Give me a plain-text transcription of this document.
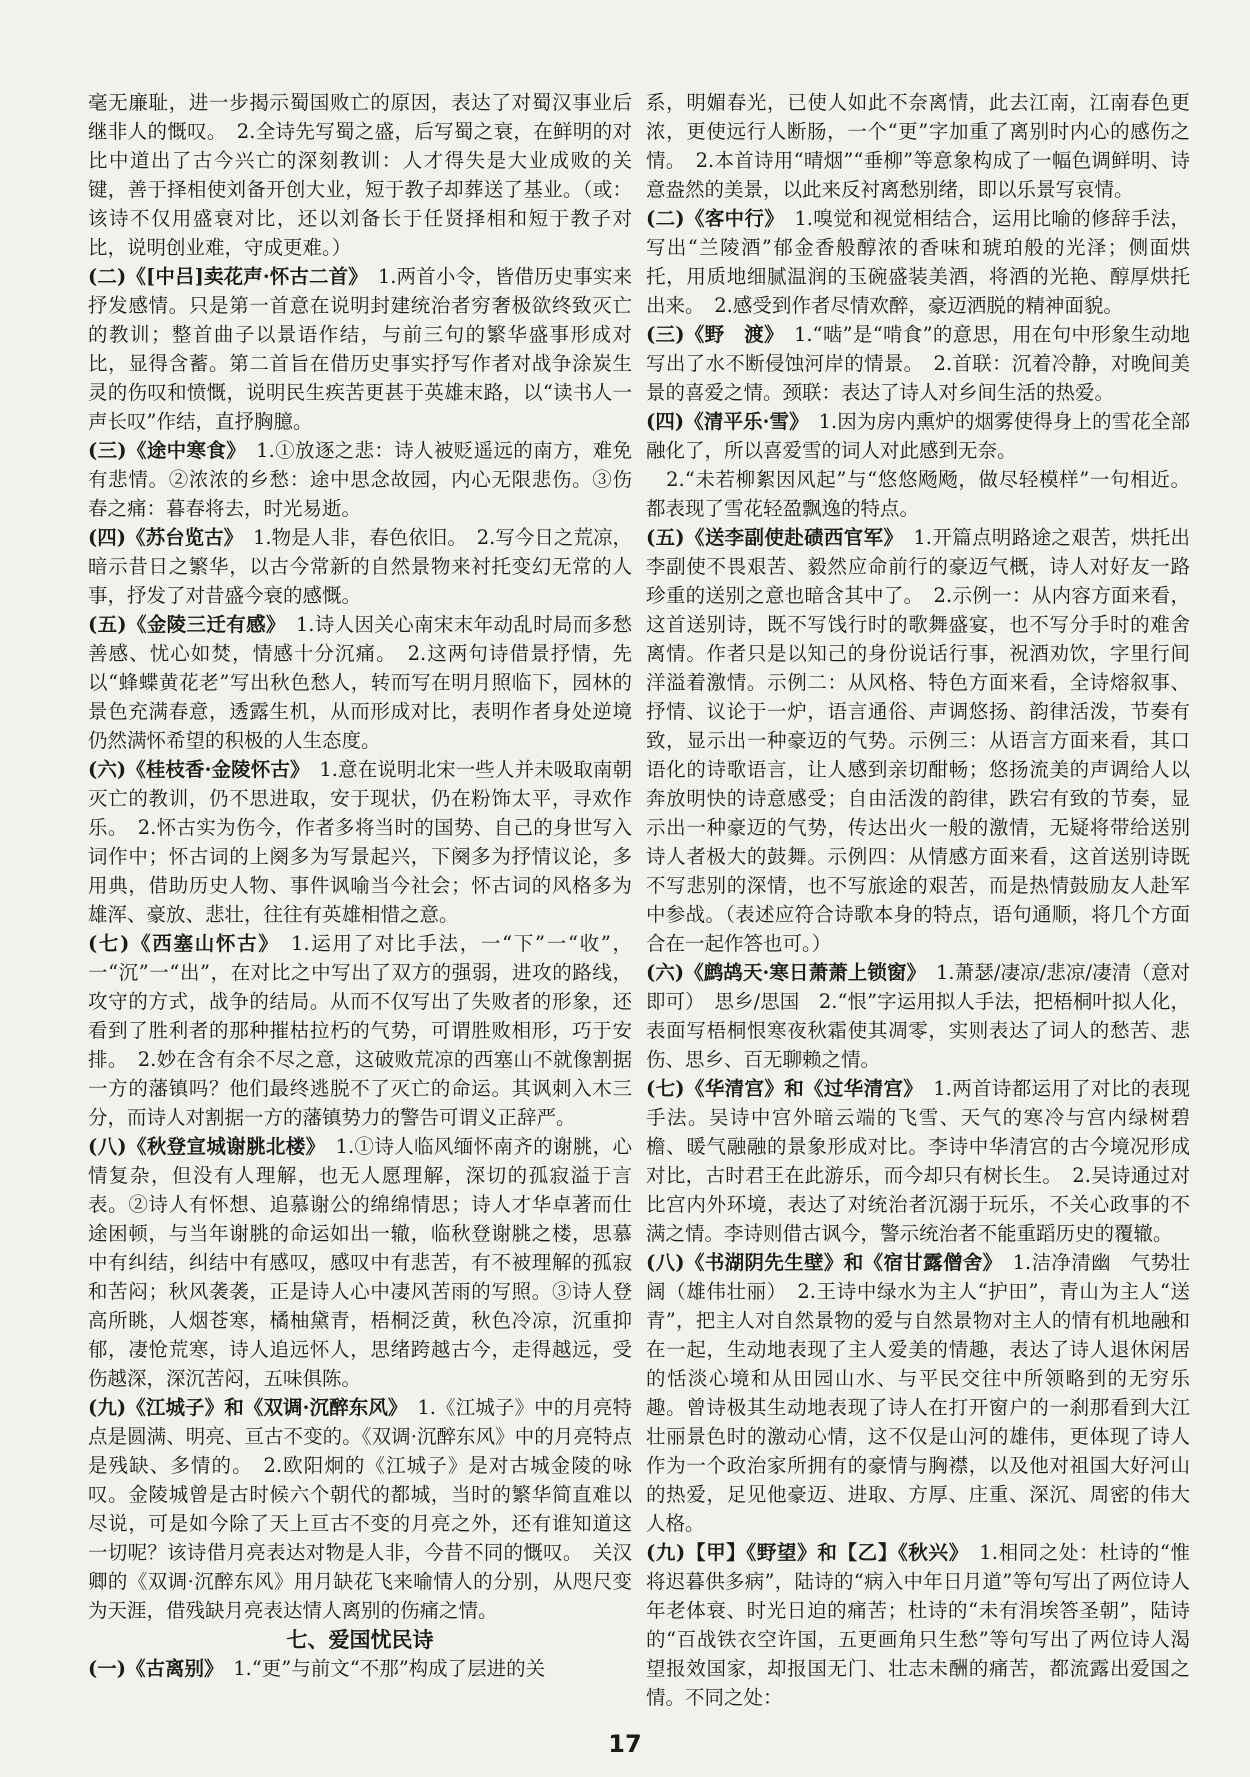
毫无廉耻，进一步揭示蜀国败亡的原因，表达了对蜀汉事业后继非人的慨叹。　2.全诗先写蜀之盛，后写蜀之衰，在鲜明的对比中道出了古今兴亡的深刻教训：人才得失是大业成败的关键，善于择相使刘备开创大业，短于教子却葬送了基业。（或：该诗不仅用盛衰对比，还以刘备长于任贤择相和短于教子对比，说明创业难，守成更难。）
(二)《[中吕]卖花声·怀古二首》　1.两首小令，皆借历史事实来抒发感情。只是第一首意在说明封建统治者穷奢极欲终致灭亡的教训；整首曲子以景语作结，与前三句的繁华盛事形成对比，显得含蓄。第二首旨在借历史事实抒写作者对战争涂炭生灵的伤叹和愤慨，说明民生疾苦更甚于英雄末路，以“读书人一声长叹”作结，直抒胸臆。
(三)《途中寒食》　1.①放逐之悲：诗人被贬遥远的南方，难免有悲情。②浓浓的乡愁：途中思念故园，内心无限悲伤。③伤春之痛：暮春将去，时光易逝。
(四)《苏台览古》　1.物是人非，春色依旧。　2.写今日之荒凉，暗示昔日之繁华，以古今常新的自然景物来衬托变幻无常的人事，抒发了对昔盛今衰的感慨。
(五)《金陵三迁有感》　1.诗人因关心南宋末年动乱时局而多愁善感、忧心如焚，情感十分沉痛。　2.这两句诗借景抒情，先以“蜂蝶黄花老”写出秋色愁人，转而写在明月照临下，园林的景色充满春意，透露生机，从而形成对比，表明作者身处逆境仍然满怀希望的积极的人生态度。
(六)《桂枝香·金陵怀古》　1.意在说明北宋一些人并未吸取南朝灭亡的教训，仍不思进取，安于现状，仍在粉饰太平，寻欢作乐。　2.怀古实为伤今，作者多将当时的国势、自己的身世写入词作中；怀古词的上阕多为写景起兴，下阕多为抒情议论，多用典，借助历史人物、事件讽喻当今社会；怀古词的风格多为雄浑、豪放、悲壮，往往有英雄相惜之意。
(七)《西塞山怀古》　1.运用了对比手法，一“下”一“收”，一“沉”一“出”，在对比之中写出了双方的强弱，进攻的路线，攻守的方式，战争的结局。从而不仅写出了失败者的形象，还看到了胜利者的那种摧枯拉朽的气势，可谓胜败相形，巧于安排。　2.妙在含有余不尽之意，这破败荒凉的西塞山不就像割据一方的藩镇吗？他们最终逃脱不了灭亡的命运。其讽刺入木三分，而诗人对割据一方的藩镇势力的警告可谓义正辞严。
(八)《秋登宣城谢脁北楼》　1.①诗人临风缅怀南齐的谢脁，心情复杂，但没有人理解，也无人愿理解，深切的孤寂溢于言表。②诗人有怀想、追慕谢公的绵绵情思；诗人才华卓著而仕途困顿，与当年谢脁的命运如出一辙，临秋登谢脁之楼，思慕中有纠结，纠结中有感叹，感叹中有悲苦，有不被理解的孤寂和苦闷；秋风袭袭，正是诗人心中凄风苦雨的写照。③诗人登高所眺，人烟苍寒，橘柚黛青，梧桐泛黄，秋色冷凉，沉重抑郁，凄怆荒寒，诗人追远怀人，思绪跨越古今，走得越远，受伤越深，深沉苦闷，五味俱陈。
(九)《江城子》和《双调·沉醉东风》　1.《江城子》中的月亮特点是圆满、明亮、亘古不变的。《双调·沉醉东风》中的月亮特点是残缺、多情的。　2.欧阳炯的《江城子》是对古城金陵的咏叹。金陵城曾是古时候六个朝代的都城，当时的繁华简直难以尽说，可是如今除了天上亘古不变的月亮之外，还有谁知道这一切呢？该诗借月亮表达对物是人非，今昔不同的慨叹。　关汉卿的《双调·沉醉东风》用月缺花飞来喻情人的分别，从咫尺变为天涯，借残缺月亮表达情人离别的伤痛之情。
七、爱国忧民诗
(一)《古离别》　1.“更”与前文“不那”构成了层进的关
系，明媚春光，已使人如此不奈离情，此去江南，江南春色更浓，更使远行人断肠，一个“更”字加重了离别时内心的感伤之情。　2.本首诗用“晴烟”“垂柳”等意象构成了一幅色调鲜明、诗意盎然的美景，以此来反衬离愁别绪，即以乐景写哀情。
(二)《客中行》　1.嗅觉和视觉相结合，运用比喻的修辞手法，写出“兰陵酒”郁金香般醇浓的香味和琥珀般的光泽；侧面烘托，用质地细腻温润的玉碗盛装美酒，将酒的光艳、醇厚烘托出来。　2.感受到作者尽情欢醉，豪迈洒脱的精神面貌。
(三)《野　渡》　1.“啮”是“啃食”的意思，用在句中形象生动地写出了水不断侵蚀河岸的情景。　2.首联：沉着冷静，对晚间美景的喜爱之情。颈联：表达了诗人对乡间生活的热爱。
(四)《清平乐·雪》　1.因为房内熏炉的烟雾使得身上的雪花全部融化了，所以喜爱雪的词人对此感到无奈。
　2.“未若柳絮因风起”与“悠悠飏飏，做尽轻模样”一句相近。都表现了雪花轻盈飘逸的特点。
(五)《送李副使赴碛西官军》　1.开篇点明路途之艰苦，烘托出李副使不畏艰苦、毅然应命前行的豪迈气概，诗人对好友一路珍重的送别之意也暗含其中了。　2.示例一：从内容方面来看，这首送别诗，既不写饯行时的歌舞盛宴，也不写分手时的难舍离情。作者只是以知己的身份说话行事，祝酒劝饮，字里行间洋溢着激情。示例二：从风格、特色方面来看，全诗熔叙事、抒情、议论于一炉，语言通俗、声调悠扬、韵律活泼，节奏有致，显示出一种豪迈的气势。示例三：从语言方面来看，其口语化的诗歌语言，让人感到亲切酣畅；悠扬流美的声调给人以奔放明快的诗意感受；自由活泼的韵律，跌宕有致的节奏，显示出一种豪迈的气势，传达出火一般的激情，无疑将带给送别诗人者极大的鼓舞。示例四：从情感方面来看，这首送别诗既不写悲别的深情，也不写旅途的艰苦，而是热情鼓励友人赴军中参战。（表述应符合诗歌本身的特点，语句通顺，将几个方面合在一起作答也可。）
(六)《鹧鸪天·寒日萧萧上锁窗》　1.萧瑟/凄凉/悲凉/凄清（意对即可）　思乡/思国　2.“恨”字运用拟人手法，把梧桐叶拟人化，表面写梧桐恨寒夜秋霜使其凋零，实则表达了词人的愁苦、悲伤、思乡、百无聊赖之情。
(七)《华清宫》和《过华清宫》　1.两首诗都运用了对比的表现手法。吴诗中宫外暗云端的飞雪、天气的寒冷与宫内绿树碧檐、暖气融融的景象形成对比。李诗中华清宫的古今境况形成对比，古时君王在此游乐，而今却只有树长生。　2.吴诗通过对比宫内外环境，表达了对统治者沉溺于玩乐，不关心政事的不满之情。李诗则借古讽今，警示统治者不能重蹈历史的覆辙。
(八)《书湖阴先生壁》和《宿甘露僧舍》　1.洁净清幽　气势壮阔（雄伟壮丽）　2.王诗中绿水为主人“护田”，青山为主人“送青”，把主人对自然景物的爱与自然景物对主人的情有机地融和在一起，生动地表现了主人爱美的情趣，表达了诗人退休闲居的恬淡心境和从田园山水、与平民交往中所领略到的无穷乐趣。曾诗极其生动地表现了诗人在打开窗户的一刹那看到大江壮丽景色时的激动心情，这不仅是山河的雄伟，更体现了诗人作为一个政治家所拥有的豪情与胸襟，以及他对祖国大好河山的热爱，足见他豪迈、进取、方厚、庄重、深沉、周密的伟大人格。
(九)【甲】《野望》和【乙】《秋兴》　1.相同之处：杜诗的“惟将迟暮供多病”，陆诗的“病入中年日月道”等句写出了两位诗人年老体衰、时光日迫的痛苦；杜诗的“未有涓埃答圣朝”，陆诗的“百战铁衣空许国，五更画角只生愁”等句写出了两位诗人渴望报效国家，却报国无门、壮志未酬的痛苦，都流露出爱国之情。不同之处：
17
